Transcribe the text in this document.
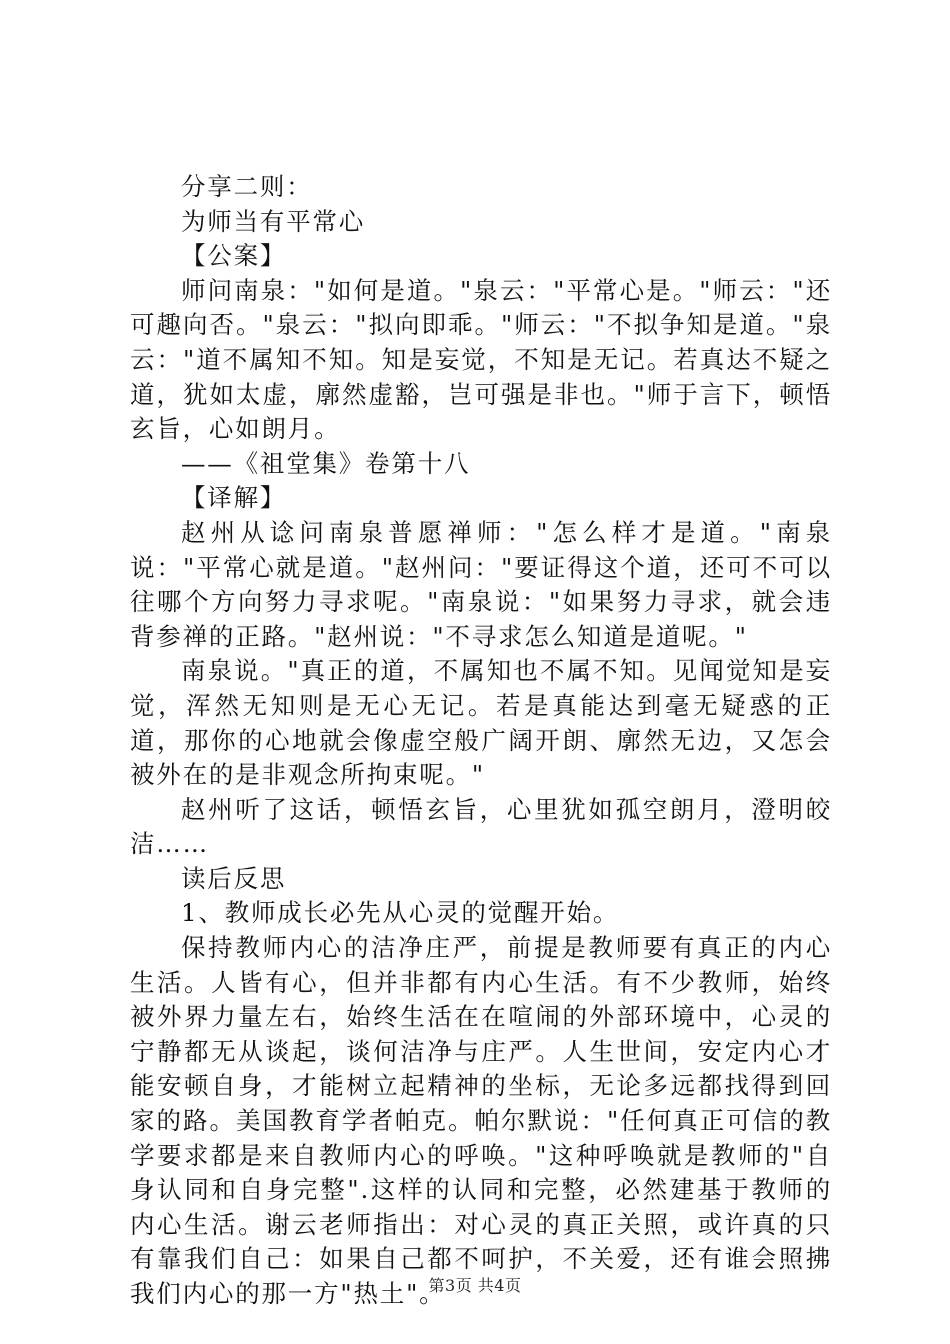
分享二则：

为师当有平常心

【公案】

师问南泉："如何是道。"泉云："平常心是。"师云："还可趣向否。"泉云："拟向即乖。"师云："不拟争知是道。"泉云："道不属知不知。知是妄觉，不知是无记。若真达不疑之道，犹如太虚，廓然虚豁，岂可强是非也。"师于言下，顿悟玄旨，心如朗月。

——《祖堂集》卷第十八

【译解】

赵州从谂问南泉普愿禅师："怎么样才是道。"南泉说："平常心就是道。"赵州问："要证得这个道，还可不可以往哪个方向努力寻求呢。"南泉说："如果努力寻求，就会违背参禅的正路。"赵州说："不寻求怎么知道是道呢。"

南泉说。"真正的道，不属知也不属不知。见闻觉知是妄觉，浑然无知则是无心无记。若是真能达到毫无疑惑的正道，那你的心地就会像虚空般广阔开朗、廓然无边，又怎会被外在的是非观念所拘束呢。"

赵州听了这话，顿悟玄旨，心里犹如孤空朗月，澄明皎洁……

读后反思

1、教师成长必先从心灵的觉醒开始。

保持教师内心的洁净庄严，前提是教师要有真正的内心生活。人皆有心，但并非都有内心生活。有不少教师，始终被外界力量左右，始终生活在在喧闹的外部环境中，心灵的宁静都无从谈起，谈何洁净与庄严。人生世间，安定内心才能安顿自身，才能树立起精神的坐标，无论多远都找得到回家的路。美国教育学者帕克。帕尔默说："任何真正可信的教学要求都是来自教师内心的呼唤。"这种呼唤就是教师的"自身认同和自身完整".这样的认同和完整，必然建基于教师的内心生活。谢云老师指出：对心灵的真正关照，或许真的只有靠我们自己：如果自己都不呵护，不关爱，还有谁会照拂我们内心的那一方"热土"。

第3页 共4页
